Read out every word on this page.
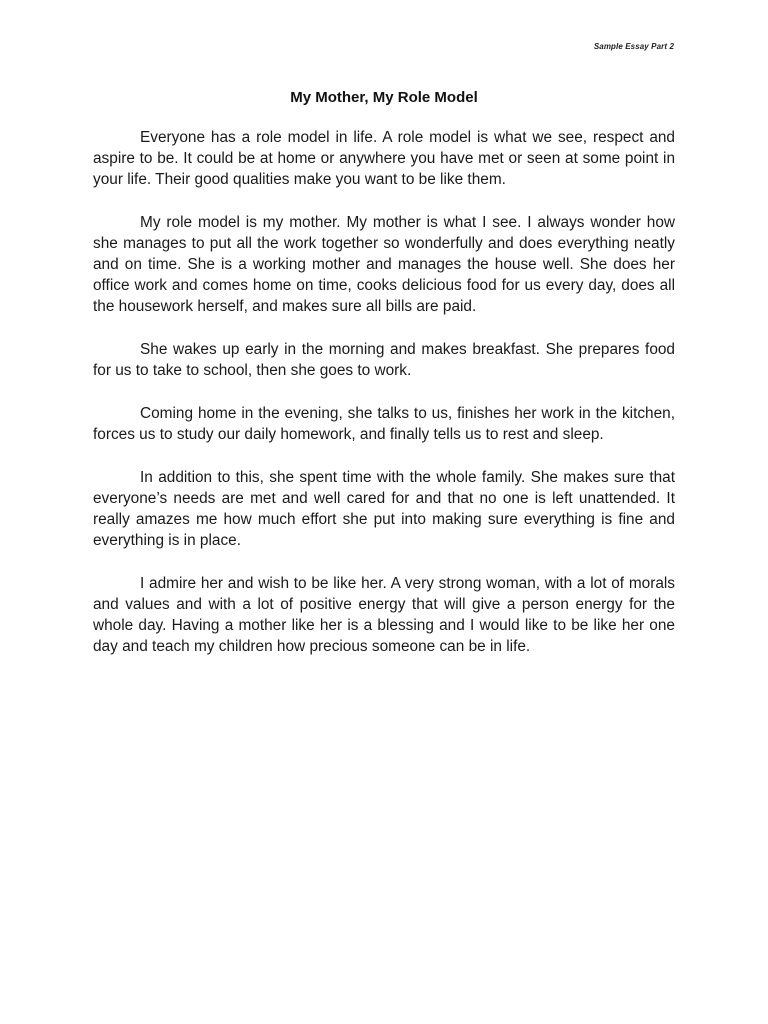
Sample Essay Part 2
My Mother, My Role Model

Everyone has a role model in life. A role model is what we see, respect and aspire to be. It could be at home or anywhere you have met or seen at some point in your life. Their good qualities make you want to be like them.

My role model is my mother. My mother is what I see. I always wonder how she manages to put all the work together so wonderfully and does everything neatly and on time. She is a working mother and manages the house well. She does her office work and comes home on time, cooks delicious food for us every day, does all the housework herself, and makes sure all bills are paid.

She wakes up early in the morning and makes breakfast. She prepares food for us to take to school, then she goes to work.

Coming home in the evening, she talks to us, finishes her work in the kitchen, forces us to study our daily homework, and finally tells us to rest and sleep.

In addition to this, she spent time with the whole family. She makes sure that everyone’s needs are met and well cared for and that no one is left unattended. It really amazes me how much effort she put into making sure everything is fine and everything is in place.

I admire her and wish to be like her. A very strong woman, with a lot of morals and values and with a lot of positive energy that will give a person energy for the whole day. Having a mother like her is a blessing and I would like to be like her one day and teach my children how precious someone can be in life.
